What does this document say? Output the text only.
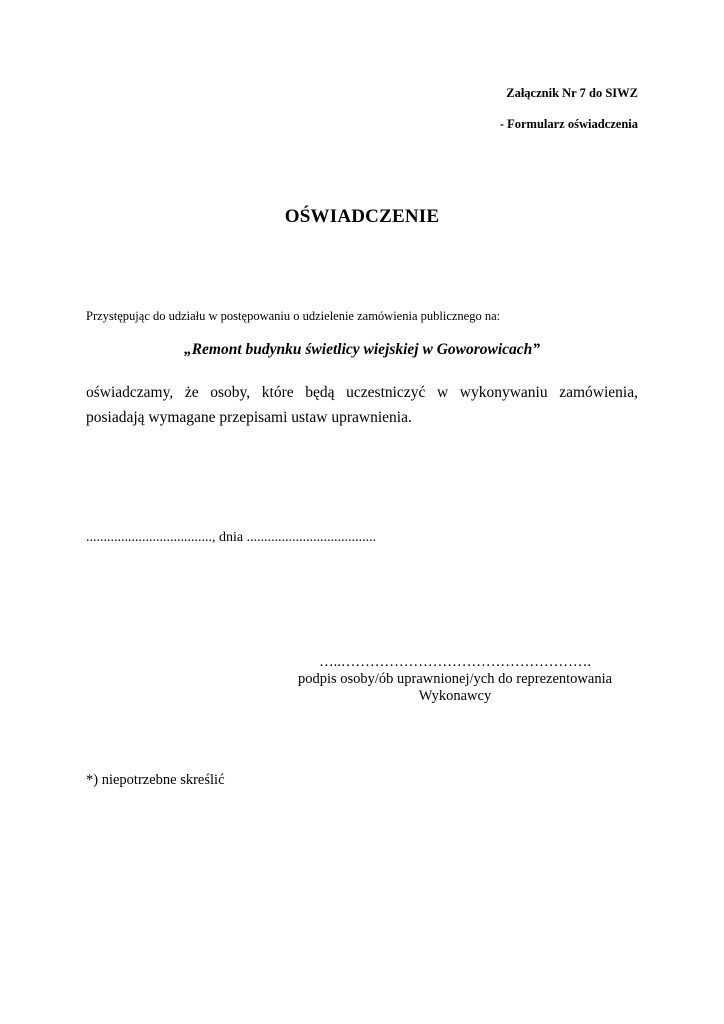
Załącznik Nr 7 do SIWZ
- Formularz oświadczenia
OŚWIADCZENIE
Przystępując do udziału w postępowaniu o udzielenie zamówienia publicznego na:
„Remont budynku świetlicy wiejskiej w Goworowicach”
oświadczamy, że osoby, które będą uczestniczyć w wykonywaniu zamówienia, posiadają wymagane przepisami ustaw uprawnienia.
...................................., dnia .....................................
…..…………………………………………….
podpis osoby/ób uprawnionej/ych do reprezentowania
Wykonawcy
*) niepotrzebne skreślić
